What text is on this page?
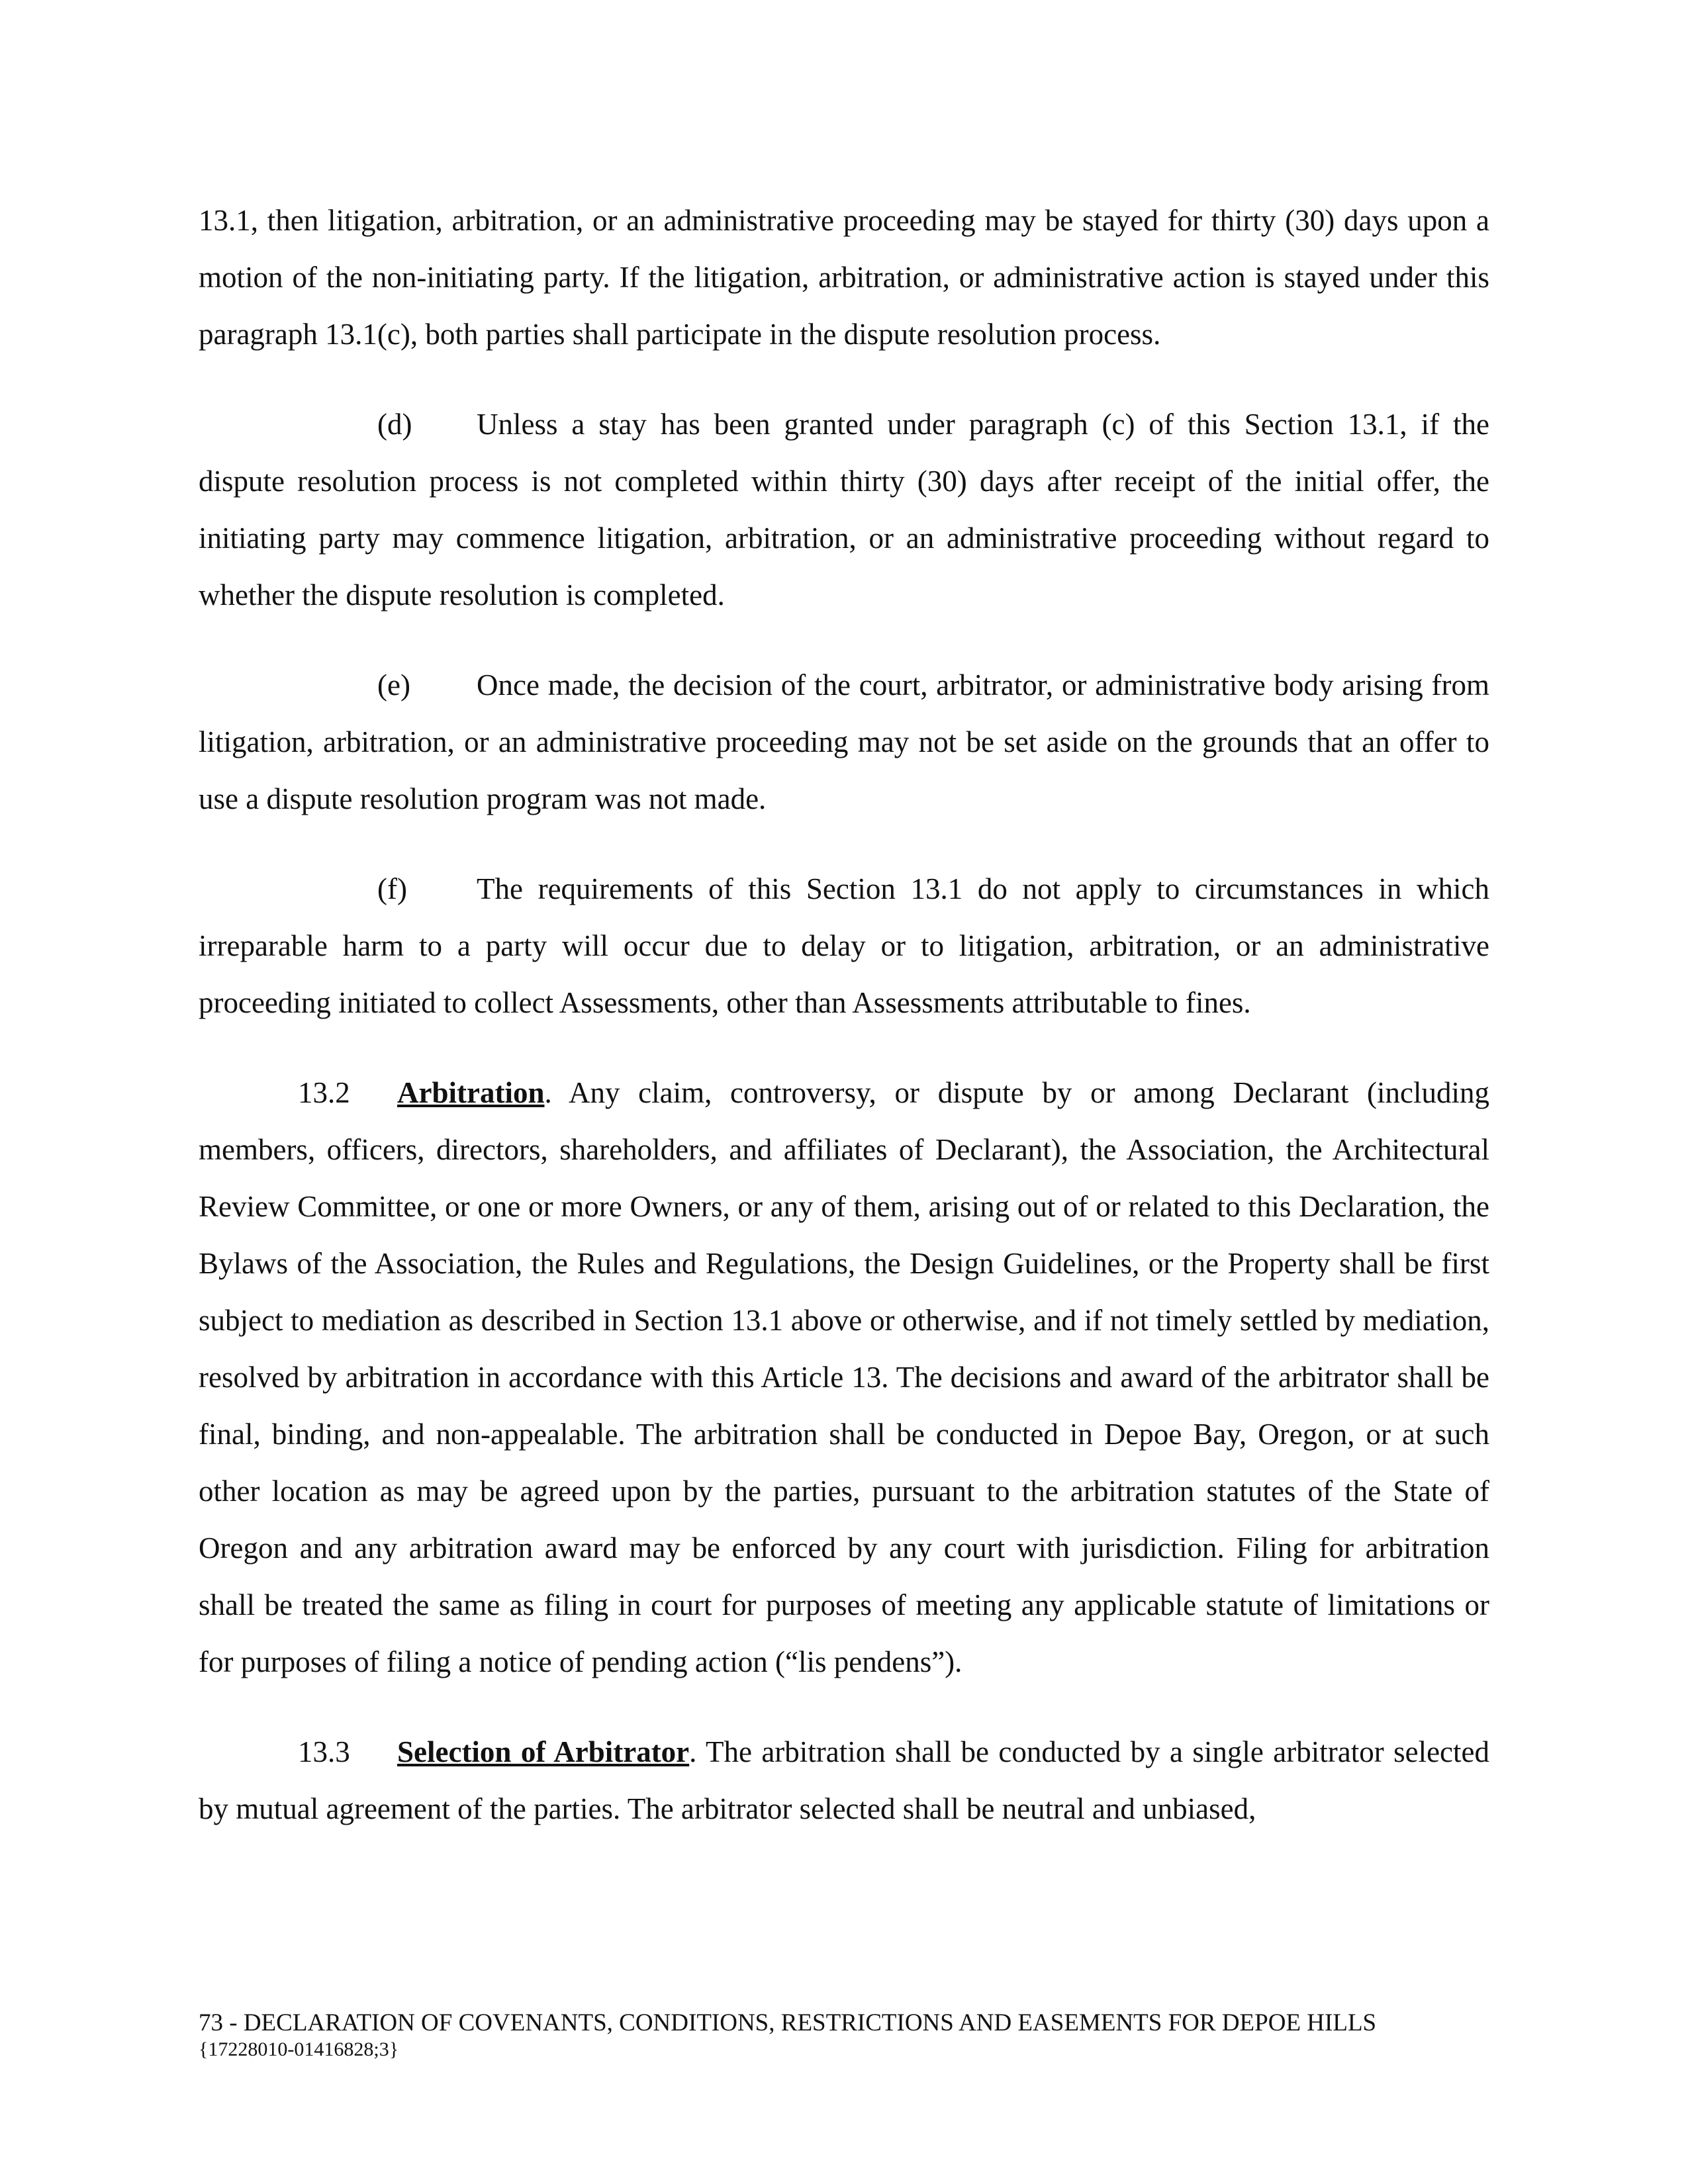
13.1, then litigation, arbitration, or an administrative proceeding may be stayed for thirty (30) days upon a motion of the non-initiating party. If the litigation, arbitration, or administrative action is stayed under this paragraph 13.1(c), both parties shall participate in the dispute resolution process.

(d) Unless a stay has been granted under paragraph (c) of this Section 13.1, if the dispute resolution process is not completed within thirty (30) days after receipt of the initial offer, the initiating party may commence litigation, arbitration, or an administrative proceeding without regard to whether the dispute resolution is completed.

(e) Once made, the decision of the court, arbitrator, or administrative body arising from litigation, arbitration, or an administrative proceeding may not be set aside on the grounds that an offer to use a dispute resolution program was not made.

(f) The requirements of this Section 13.1 do not apply to circumstances in which irreparable harm to a party will occur due to delay or to litigation, arbitration, or an administrative proceeding initiated to collect Assessments, other than Assessments attributable to fines.

13.2 Arbitration. Any claim, controversy, or dispute by or among Declarant (including members, officers, directors, shareholders, and affiliates of Declarant), the Association, the Architectural Review Committee, or one or more Owners, or any of them, arising out of or related to this Declaration, the Bylaws of the Association, the Rules and Regulations, the Design Guidelines, or the Property shall be first subject to mediation as described in Section 13.1 above or otherwise, and if not timely settled by mediation, resolved by arbitration in accordance with this Article 13. The decisions and award of the arbitrator shall be final, binding, and non-appealable. The arbitration shall be conducted in Depoe Bay, Oregon, or at such other location as may be agreed upon by the parties, pursuant to the arbitration statutes of the State of Oregon and any arbitration award may be enforced by any court with jurisdiction. Filing for arbitration shall be treated the same as filing in court for purposes of meeting any applicable statute of limitations or for purposes of filing a notice of pending action (“lis pendens”).

13.3 Selection of Arbitrator. The arbitration shall be conducted by a single arbitrator selected by mutual agreement of the parties. The arbitrator selected shall be neutral and unbiased,

73 - DECLARATION OF COVENANTS, CONDITIONS, RESTRICTIONS AND EASEMENTS FOR DEPOE HILLS
{17228010-01416828;3}
